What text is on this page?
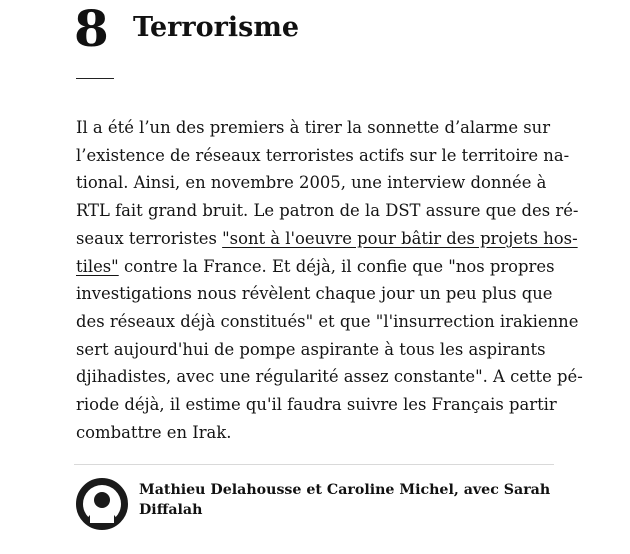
8 Terrorisme

Il a été l’un des premiers à tirer la sonnette d’alarme sur
l’existence de réseaux terroristes actifs sur le territoire na-
tional. Ainsi, en novembre 2005, une interview donnée à
RTL fait grand bruit. Le patron de la DST assure que des ré-
seaux terroristes "sont à l'oeuvre pour bâtir des projets hos-
tiles" contre la France. Et déjà, il confie que "nos propres
investigations nous révèlent chaque jour un peu plus que
des réseaux déjà constitués" et que "l'insurrection irakienne
sert aujourd'hui de pompe aspirante à tous les aspirants
djihadistes, avec une régularité assez constante". A cette pé-
riode déjà, il estime qu'il faudra suivre les Français partir
combattre en Irak.

Mathieu Delahousse et Caroline Michel, avec Sarah
Diffalah
